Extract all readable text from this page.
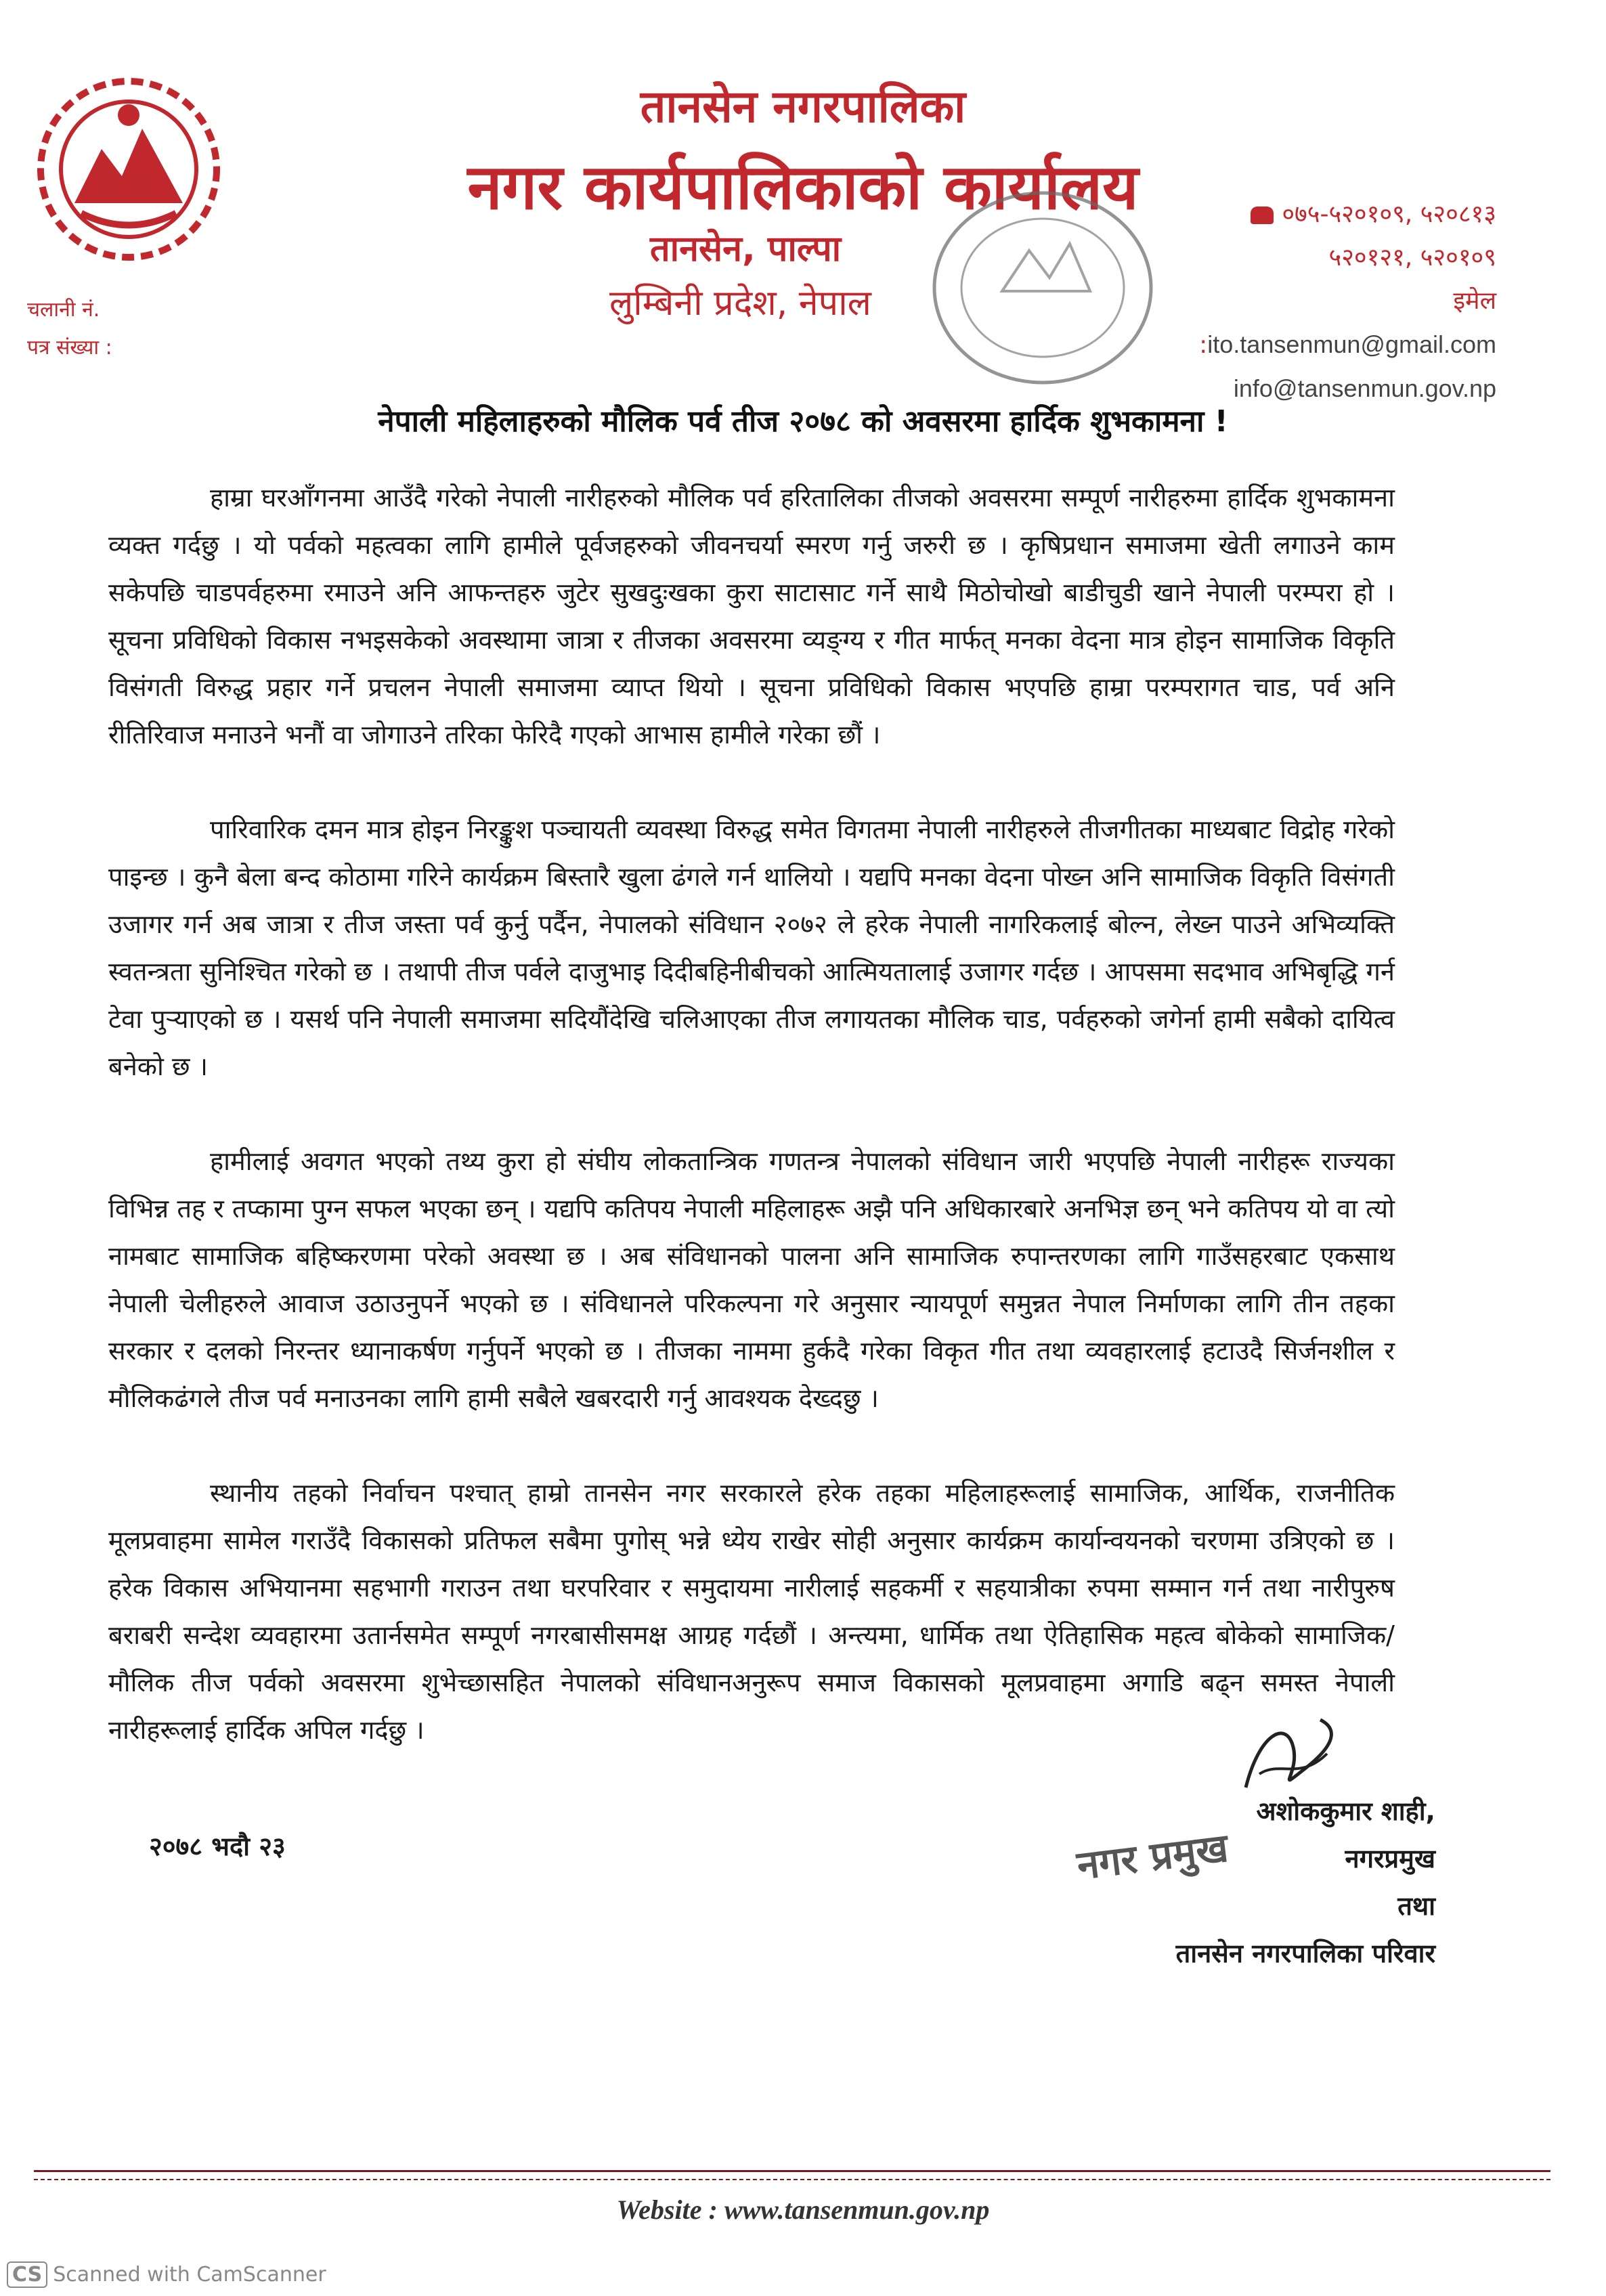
चलानी नं.
पत्र संख्या :
तानसेन नगरपालिका
नगर कार्यपालिकाको कार्यालय
तानसेन, पाल्पा
लुम्बिनी प्रदेश, नेपाल
०७५-५२०१०९, ५२०८१३
५२०१२१, ५२०१०९
इमेल :ito.tansenmun@gmail.com
info@tansenmun.gov.np
नेपाली महिलाहरुको मौलिक पर्व तीज २०७८ को अवसरमा हार्दिक शुभकामना !

हाम्रा घरआँगनमा आउँदै गरेको नेपाली नारीहरुको मौलिक पर्व हरितालिका तीजको अवसरमा सम्पूर्ण नारीहरुमा हार्दिक शुभकामना व्यक्त गर्दछु । यो पर्वको महत्वका लागि हामीले पूर्वजहरुको जीवनचर्या स्मरण गर्नु जरुरी छ । कृषिप्रधान समाजमा खेती लगाउने काम सकेपछि चाडपर्वहरुमा रमाउने अनि आफन्तहरु जुटेर सुखदुःखका कुरा साटासाट गर्ने साथै मिठोचोखो बाडीचुडी खाने नेपाली परम्परा हो । सूचना प्रविधिको विकास नभइसकेको अवस्थामा जात्रा र तीजका अवसरमा व्यङ्ग्य र गीत मार्फत् मनका वेदना मात्र होइन सामाजिक विकृति विसंगती विरुद्ध प्रहार गर्ने प्रचलन नेपाली समाजमा व्याप्त थियो । सूचना प्रविधिको विकास भएपछि हाम्रा परम्परागत चाड, पर्व अनि रीतिरिवाज मनाउने भनौं वा जोगाउने तरिका फेरिदै गएको आभास हामीले गरेका छौं ।

पारिवारिक दमन मात्र होइन निरङ्कुश पञ्चायती व्यवस्था विरुद्ध समेत विगतमा नेपाली नारीहरुले तीजगीतका माध्यबाट विद्रोह गरेको पाइन्छ । कुनै बेला बन्द कोठामा गरिने कार्यक्रम बिस्तारै खुला ढंगले गर्न थालियो । यद्यपि मनका वेदना पोख्न अनि सामाजिक विकृति विसंगती उजागर गर्न अब जात्रा र तीज जस्ता पर्व कुर्नु पर्दैन, नेपालको संविधान २०७२ ले हरेक नेपाली नागरिकलाई बोल्न, लेख्न पाउने अभिव्यक्ति स्वतन्त्रता सुनिश्चित गरेको छ । तथापी तीज पर्वले दाजुभाइ दिदीबहिनीबीचको आत्मियतालाई उजागर गर्दछ । आपसमा सदभाव अभिबृद्धि गर्न टेवा पुऱ्याएको छ । यसर्थ पनि नेपाली समाजमा सदियौंदेखि चलिआएका तीज लगायतका मौलिक चाड, पर्वहरुको जगेर्ना हामी सबैको दायित्व बनेको छ ।

हामीलाई अवगत भएको तथ्य कुरा हो संघीय लोकतान्त्रिक गणतन्त्र नेपालको संविधान जारी भएपछि नेपाली नारीहरू राज्यका विभिन्न तह र तप्कामा पुग्न सफल भएका छन् । यद्यपि कतिपय नेपाली महिलाहरू अझै पनि अधिकारबारे अनभिज्ञ छन् भने कतिपय यो वा त्यो नामबाट सामाजिक बहिष्करणमा परेको अवस्था छ । अब संविधानको पालना अनि सामाजिक रुपान्तरणका लागि गाउँसहरबाट एकसाथ नेपाली चेलीहरुले आवाज उठाउनुपर्ने भएको छ । संविधानले परिकल्पना गरे अनुसार न्यायपूर्ण समुन्नत नेपाल निर्माणका लागि तीन तहका सरकार र दलको निरन्तर ध्यानाकर्षण गर्नुपर्ने भएको छ । तीजका नाममा हुर्कदै गरेका विकृत गीत तथा व्यवहारलाई हटाउदै सिर्जनशील र मौलिकढंगले तीज पर्व मनाउनका लागि हामी सबैले खबरदारी गर्नु आवश्यक देख्दछु ।

स्थानीय तहको निर्वाचन पश्चात् हाम्रो तानसेन नगर सरकारले हरेक तहका महिलाहरूलाई सामाजिक, आर्थिक, राजनीतिक मूलप्रवाहमा सामेल गराउँदै विकासको प्रतिफल सबैमा पुगोस् भन्ने ध्येय राखेर सोही अनुसार कार्यक्रम कार्यान्वयनको चरणमा उत्रिएको छ । हरेक विकास अभियानमा सहभागी गराउन तथा घरपरिवार र समुदायमा नारीलाई सहकर्मी र सहयात्रीका रुपमा सम्मान गर्न तथा नारीपुरुष बराबरी सन्देश व्यवहारमा उतार्नसमेत सम्पूर्ण नगरबासीसमक्ष आग्रह गर्दछौं । अन्त्यमा, धार्मिक तथा ऐतिहासिक महत्व बोकेको सामाजिक/ मौलिक तीज पर्वको अवसरमा शुभेच्छासहित नेपालको संविधानअनुरूप समाज विकासको मूलप्रवाहमा अगाडि बढ्न समस्त नेपाली नारीहरूलाई हार्दिक अपिल गर्दछु ।

२०७८ भदौ २३	नगर प्रमुख
अशोककुमार शाही,
नगरप्रमुख
तथा
तानसेन नगरपालिका परिवार
Website : www.tansenmun.gov.np
CS Scanned with CamScanner
